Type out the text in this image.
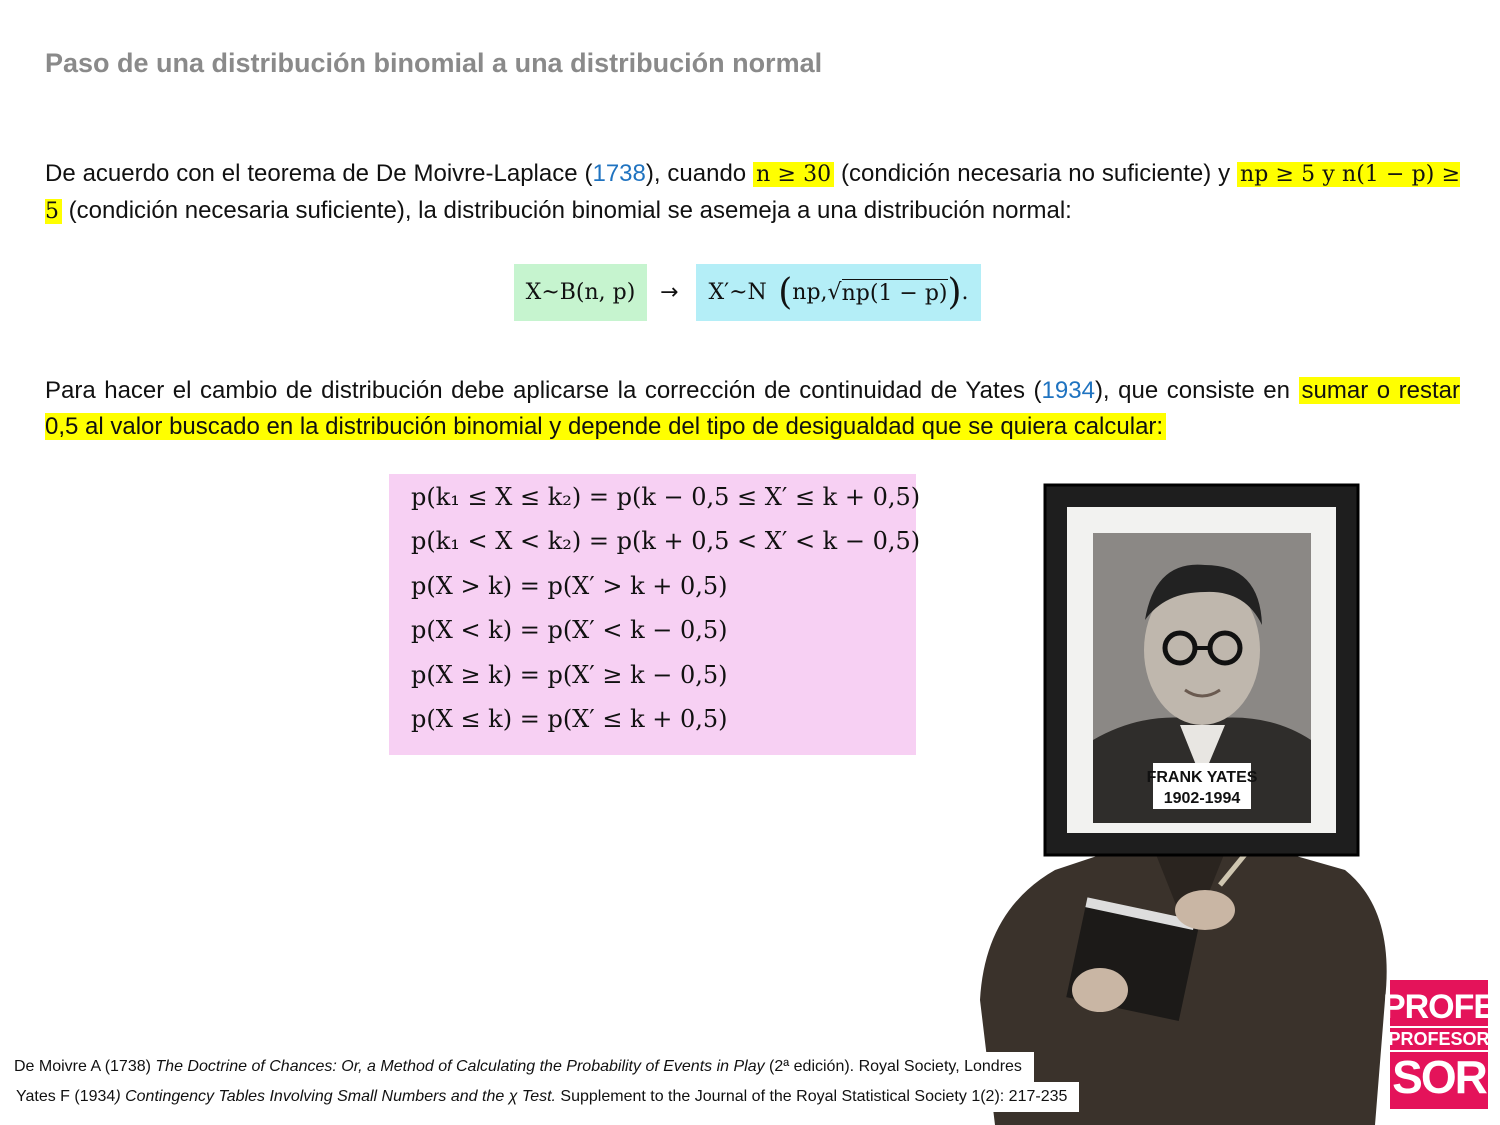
Paso de una distribución binomial a una distribución normal
De acuerdo con el teorema de De Moivre-Laplace (1738), cuando n ≥ 30 (condición necesaria no suficiente) y np ≥ 5 y n(1 − p) ≥ 5 (condición necesaria suficiente), la distribución binomial se asemeja a una distribución normal:
X~B(n, p)	→ X′~N ( np, √ np(1 − p) ) .
Para hacer el cambio de distribución debe aplicarse la corrección de continuidad de Yates (1934), que consiste en sumar o restar 0,5 al valor buscado en la distribución binomial y depende del tipo de desigualdad que se quiera calcular:
p(k₁ ≤ X ≤ k₂) = p(k − 0,5 ≤ X′ ≤ k + 0,5)
p(k₁ < X < k₂) = p(k + 0,5 < X′ < k − 0,5)
p(X > k) = p(X′ > k + 0,5)
p(X < k) = p(X′ < k − 0,5)
p(X ≥ k) = p(X′ ≥ k − 0,5)
p(X ≤ k) = p(X′ ≤ k + 0,5)
FRANK YATES
1902-1994
De Moivre A (1738) The Doctrine of Chances: Or, a Method of Calculating the Probability of Events in Play (2ª edición). Royal Society, Londres
Yates F (1934) Contingency Tables Involving Small Numbers and the χ Test. Supplement to the Journal of the Royal Statistical Society 1(2): 217-235
PROFE
PROFESOR
SOR
